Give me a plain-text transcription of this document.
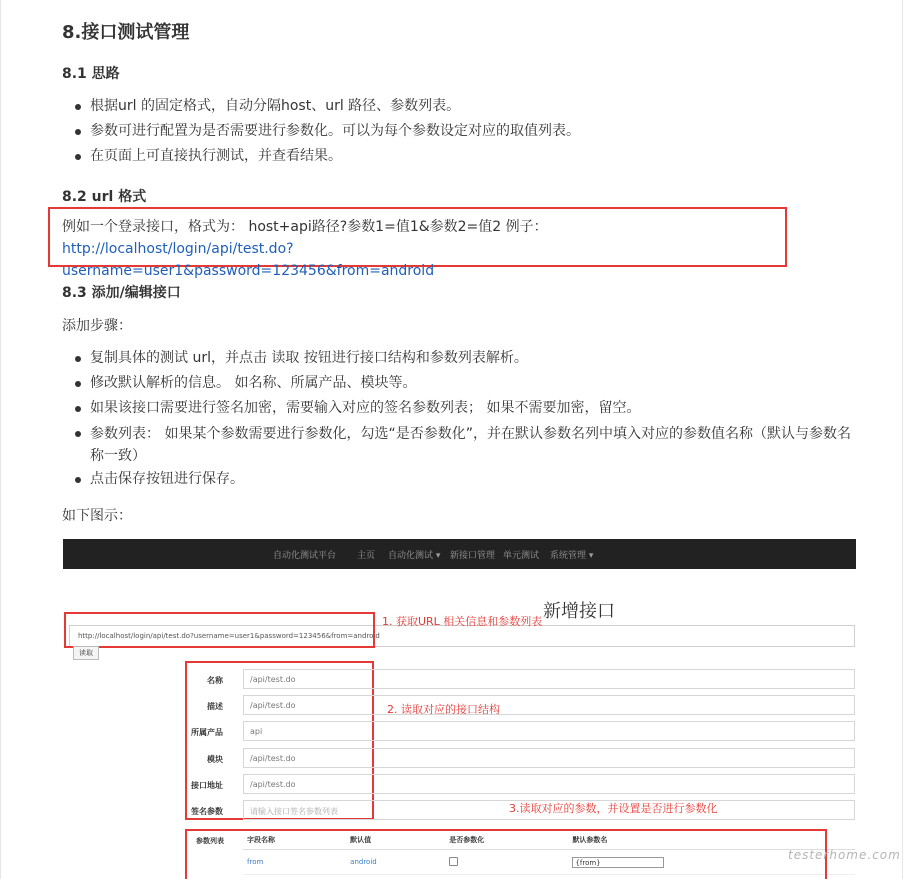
8.接口测试管理
8.1 思路
根据url 的固定格式，自动分隔host、url 路径、参数列表。
参数可进行配置为是否需要进行参数化。可以为每个参数设定对应的取值列表。
在页面上可直接执行测试，并查看结果。
8.2 url 格式
例如一个登录接口，格式为： host+api路径?参数1=值1&参数2=值2 例子： http://localhost/login/api/test.do?
username=user1&password=123456&from=android
8.3 添加/编辑接口
添加步骤：
复制具体的测试 url，并点击 读取 按钮进行接口结构和参数列表解析。
修改默认解析的信息。 如名称、所属产品、模块等。
如果该接口需要进行签名加密，需要输入对应的签名参数列表； 如果不需要加密，留空。
参数列表： 如果某个参数需要进行参数化，勾选“是否参数化”，并在默认参数名列中填入对应的参数值名称（默认与参数名称一致）
点击保存按钮进行保存。
如下图示：
自动化测试平台 主页 自动化测试 ▾ 新接口管理 单元测试 系统管理 ▾
新增接口
http://localhost/login/api/test.do?username=user1&password=123456&from=android
1. 获取URL 相关信息和参数列表
读取
2. 读取对应的接口结构
名称	/api/test.do
描述	/api/test.do
所属产品	api
模块	/api/test.do
接口地址	/api/test.do
签名参数	请输入接口签名参数列表	3.读取对应的参数，并设置是否进行参数化
参数列表	字段名称	默认值	是否参数化	默认参数名
from	android		{from}

testerhome.com
